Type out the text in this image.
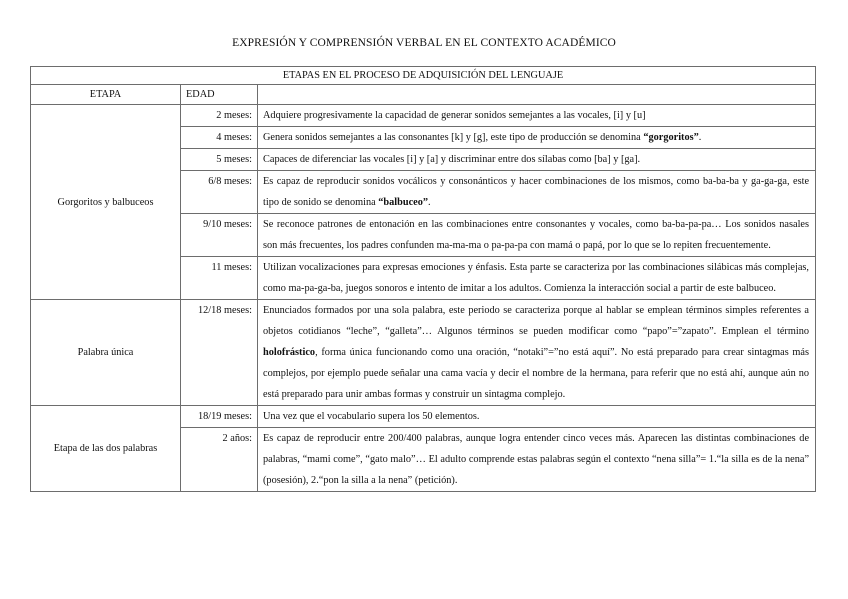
EXPRESIÓN Y COMPRENSIÓN VERBAL EN EL CONTEXTO ACADÉMICO
ETAPAS EN EL PROCESO DE ADQUISICIÓN DEL LENGUAJE		
ETAPA	EDAD	
Gorgoritos y balbuceos	2 meses:	Adquiere progresivamente la capacidad de generar sonidos semejantes a las vocales, [i] y [u]
	4 meses:	Genera sonidos semejantes a las consonantes [k] y [g], este tipo de producción se denomina “gorgoritos”.
	5 meses:	Capaces de diferenciar las vocales [i] y [a] y discriminar entre dos sílabas como [ba] y [ga].
	6/8 meses:	Es capaz de reproducir sonidos vocálicos y consonánticos y hacer combinaciones de los mismos, como ba-ba-ba y ga-ga-ga, este tipo de sonido se denomina “balbuceo”.
	9/10 meses:	Se reconoce patrones de entonación en las combinaciones entre consonantes y vocales, como ba-ba-pa-pa… Los sonidos nasales son más frecuentes, los padres confunden ma-ma-ma o pa-pa-pa con mamá o papá, por lo que se lo repiten frecuentemente.
	11 meses:	Utilizan vocalizaciones para expresas emociones y énfasis. Esta parte se caracteriza por las combinaciones silábicas más complejas, como ma-pa-ga-ba, juegos sonoros e intento de imitar a los adultos. Comienza la interacción social a partir de este balbuceo.
Palabra única	12/18 meses:	Enunciados formados por una sola palabra, este periodo se caracteriza porque al hablar se emplean términos simples referentes a objetos cotidianos “leche”, “galleta”… Algunos términos se pueden modificar como “papo”=”zapato”. Emplean el término holofrástico, forma única funcionando como una oración, “notaki”=”no está aquí”. No está preparado para crear sintagmas más complejos, por ejemplo puede señalar una cama vacía y decir el nombre de la hermana, para referir que no está ahí, aunque aún no está preparado para unir ambas formas y construir un sintagma complejo.
Etapa de las dos palabras	18/19 meses:	Una vez que el vocabulario supera los 50 elementos.
	2 años:	Es capaz de reproducir entre 200/400 palabras, aunque logra entender cinco veces más. Aparecen las distintas combinaciones de palabras, “mami come”, “gato malo”… El adulto comprende estas palabras según el contexto “nena silla”= 1.“la silla es de la nena” (posesión), 2.“pon la silla a la nena” (petición).
